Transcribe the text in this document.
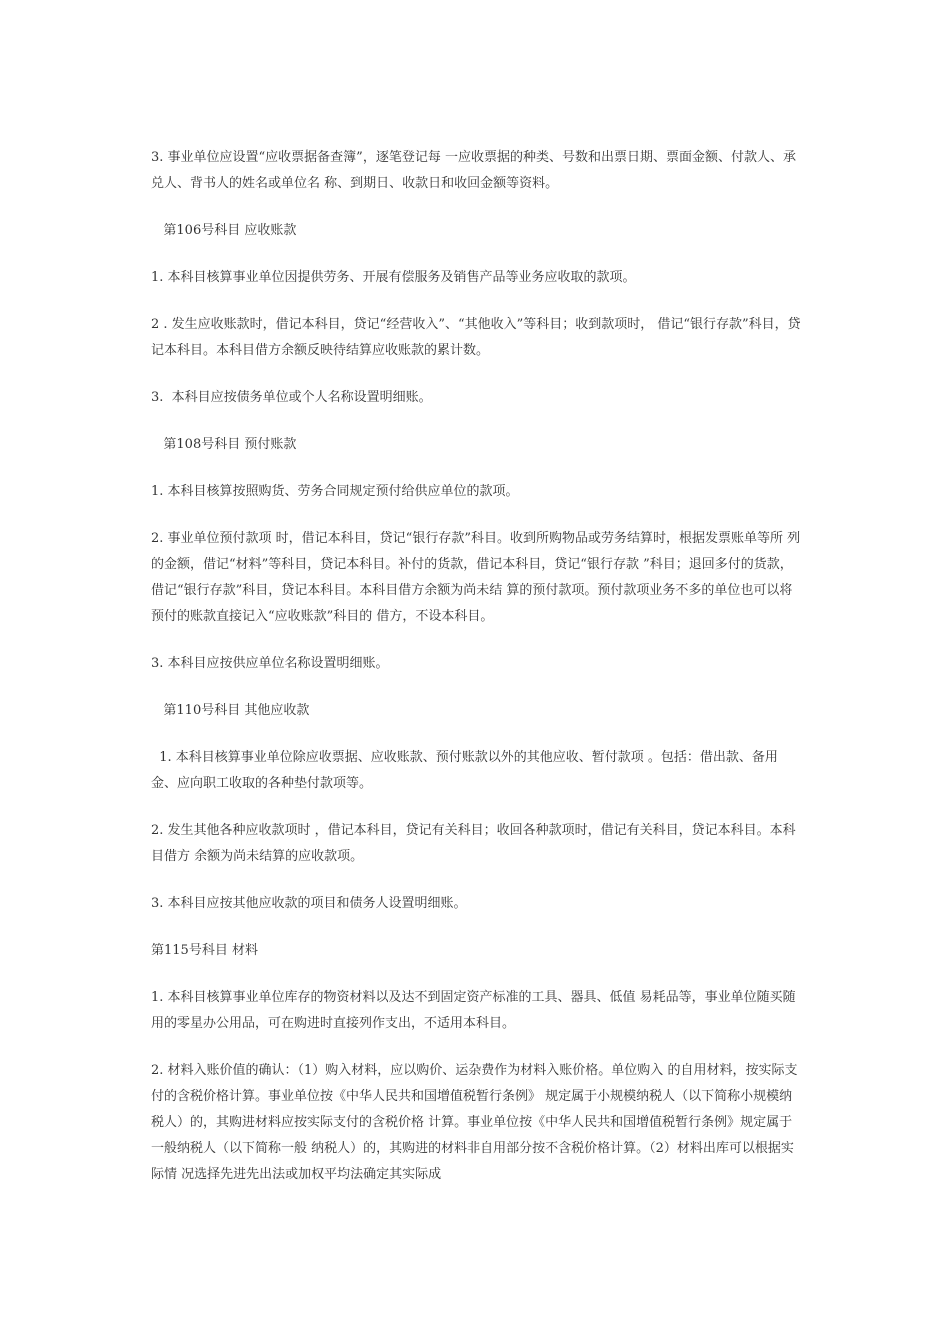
3. 事业单位应设置“应收票据备查簿”，逐笔登记每 一应收票据的种类、号数和出票日期、票面金额、付款人、承兑人、背书人的姓名或单位名 称、到期日、收款日和收回金额等资料。

第106号科目 应收账款

1. 本科目核算事业单位因提供劳务、开展有偿服务及销售产品等业务应收取的款项。

2 . 发生应收账款时，借记本科目，贷记“经营收入”、“其他收入”等科目；收到款项时， 借记“银行存款”科目，贷记本科目。本科目借方余额反映待结算应收账款的累计数。

3.  本科目应按债务单位或个人名称设置明细账。

第108号科目 预付账款

1. 本科目核算按照购货、劳务合同规定预付给供应单位的款项。

2. 事业单位预付款项 时，借记本科目，贷记“银行存款”科目。收到所购物品或劳务结算时，根据发票账单等所 列的金额，借记“材料”等科目，贷记本科目。补付的货款，借记本科目，贷记“银行存款 ”科目；退回多付的货款，借记“银行存款”科目，贷记本科目。本科目借方余额为尚未结 算的预付款项。预付款项业务不多的单位也可以将预付的账款直接记入“应收账款”科目的 借方，不设本科目。

3. 本科目应按供应单位名称设置明细账。

第110号科目 其他应收款

1. 本科目核算事业单位除应收票据、应收账款、预付账款以外的其他应收、暂付款项 。包括：借出款、备用金、应向职工收取的各种垫付款项等。

2. 发生其他各种应收款项时 ，借记本科目，贷记有关科目；收回各种款项时，借记有关科目，贷记本科目。本科目借方 余额为尚未结算的应收款项。

3. 本科目应按其他应收款的项目和债务人设置明细账。

第115号科目 材料

1. 本科目核算事业单位库存的物资材料以及达不到固定资产标准的工具、器具、低值 易耗品等，事业单位随买随用的零星办公用品，可在购进时直接列作支出，不适用本科目。

2. 材料入账价值的确认：（1）购入材料，应以购价、运杂费作为材料入账价格。单位购入 的自用材料，按实际支付的含税价格计算。事业单位按《中华人民共和国增值税暂行条例》 规定属于小规模纳税人（以下简称小规模纳税人）的，其购进材料应按实际支付的含税价格 计算。事业单位按《中华人民共和国增值税暂行条例》规定属于一般纳税人（以下简称一般 纳税人）的，其购进的材料非自用部分按不含税价格计算。（2）材料出库可以根据实际情 况选择先进先出法或加权平均法确定其实际成
